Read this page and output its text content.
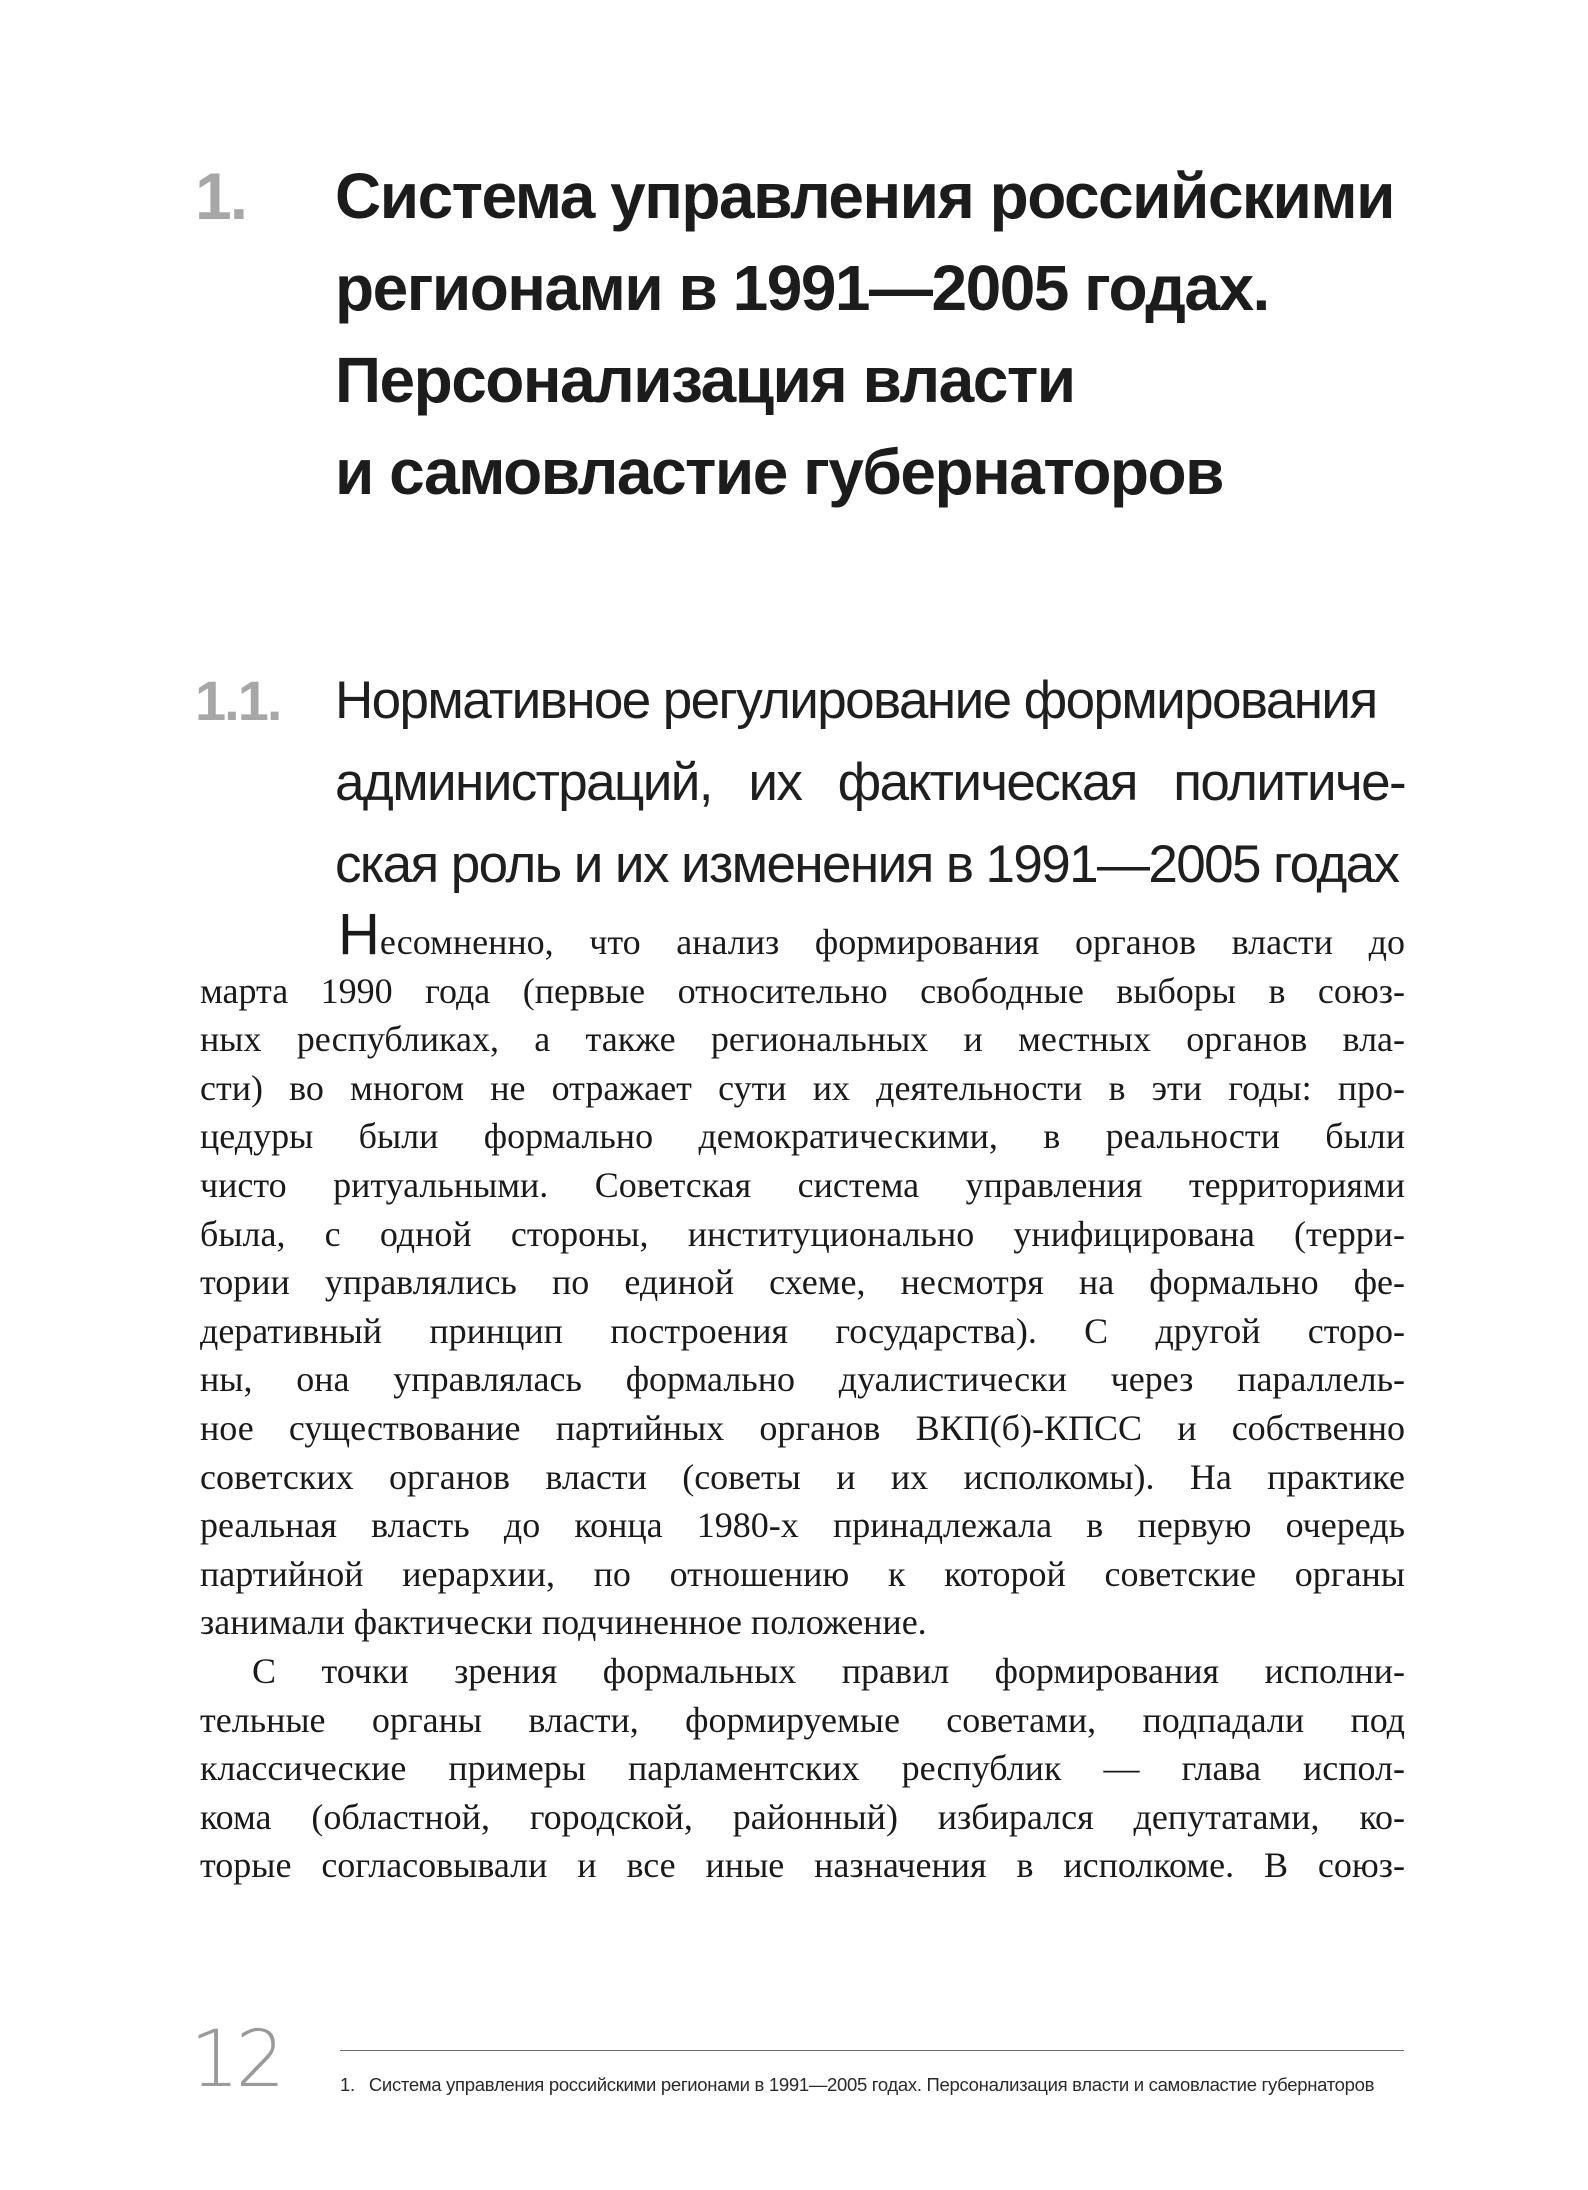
1. Система управления российскими
регионами в 1991—2005 годах.
Персонализация власти
и самовластие губернаторов
1.1. Нормативное регулирование формирования
администраций, их фактическая политиче-
ская роль и их изменения в 1991—2005 годах
Несомненно, что анализ формирования органов власти до
марта 1990 года (первые относительно свободные выборы в союз-
ных республиках, а также региональных и местных органов вла-
сти) во многом не отражает сути их деятельности в эти годы: про-
цедуры были формально демократическими, в реальности были
чисто ритуальными. Советская система управления территориями
была, с одной стороны, институционально унифицирована (терри-
тории управлялись по единой схеме, несмотря на формально фе-
деративный принцип построения государства). С другой сторо-
ны, она управлялась формально дуалистически через параллель-
ное существование партийных органов ВКП(б)-КПСС и собственно
советских органов власти (советы и их исполкомы). На практике
реальная власть до конца 1980-х принадлежала в первую очередь
партийной иерархии, по отношению к которой советские органы
занимали фактически подчиненное положение.
С точки зрения формальных правил формирования исполни-
тельные органы власти, формируемые советами, подпадали под
классические примеры парламентских республик — глава испол-
кома (областной, городской, районный) избирался депутатами, ко-
торые согласовывали и все иные назначения в исполкоме. В союз-
12	1. Система управления российскими регионами в 1991—2005 годах. Персонализация власти и самовластие губернаторов
